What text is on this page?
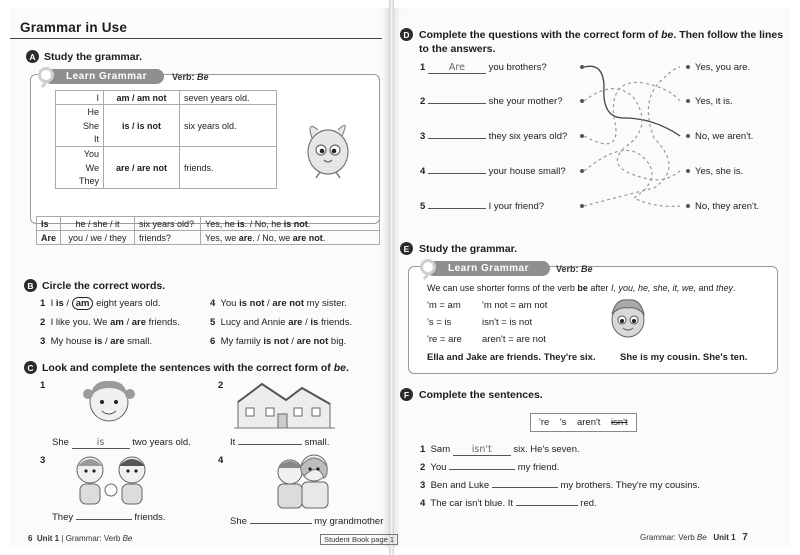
Grammar in Use
A Study the grammar.
Learn Grammar	Verb: Be
I	am / am not	seven years old.
He	is / is not	six years old.
She		
It		
You	are / are not	friends.
We		
They		
Is	he / she / it	six years old?	Yes, he is. / No, he is not.
Are	you / we / they	friends?	Yes, we are. / No, we are not.
B Circle the correct words.
1 I is / am eight years old.
2 I like you. We am / are friends.
3 My house is / are small.
4 You is not / are not my sister.
5 Lucy and Annie are / is friends.
6 My family is not / are not big.
C Look and complete the sentences with the correct form of be.
1	2
3	4
She	is	two years old.	It	small.
They	friends.	She	my grandmother
6 Unit 1 | Grammar: Verb Be	Student Book page 1
D Complete the questions with the correct form of be. Then follow the lines
to the answers.
1 Are you brothers?
2	she your mother?
3	they six years old?
4	your house small?
5	I your friend?
Yes, you are.
Yes, it is.
No, we aren't.
Yes, she is.
No, they aren't.
E Study the grammar.
Learn Grammar	Verb: Be
We can use shorter forms of the verb be after I, you, he, she, it, we, and they.
'm = am 'm not = am not
's = is	isn't = is not
're = are aren't = are not
Ella and Jake are friends. They're six.	She is my cousin. She's ten.
F Complete the sentences.
're 's aren't isn't
1 Sam isn't six. He's seven.
2 You	my friend.
3 Ben and Luke	my brothers. They're my cousins.
4 The car isn't blue. It	red.
Grammar: Verb Be Unit 1 7
